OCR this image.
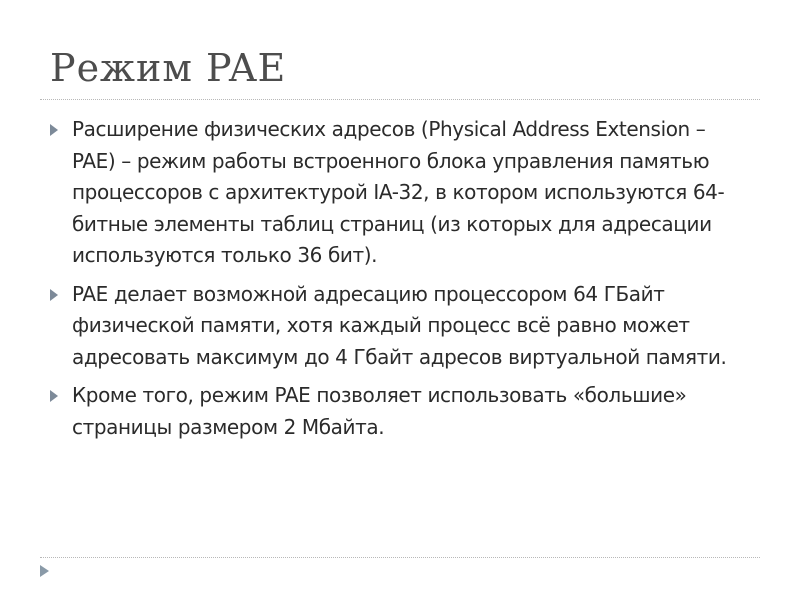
Режим PAE
Расширение физических адресов (Physical Address Extension – PAE) – режим работы встроенного блока управления памятью процессоров с архитектурой IA-32, в котором используются 64-битные элементы таблиц страниц (из которых для адресации используются только 36 бит).
PAE делает возможной адресацию процессором 64 ГБайт физической памяти, хотя каждый процесс всё равно может адресовать максимум до 4 Гбайт адресов виртуальной памяти.
Кроме того, режим PAE позволяет использовать «большие» страницы размером 2 Мбайта.
